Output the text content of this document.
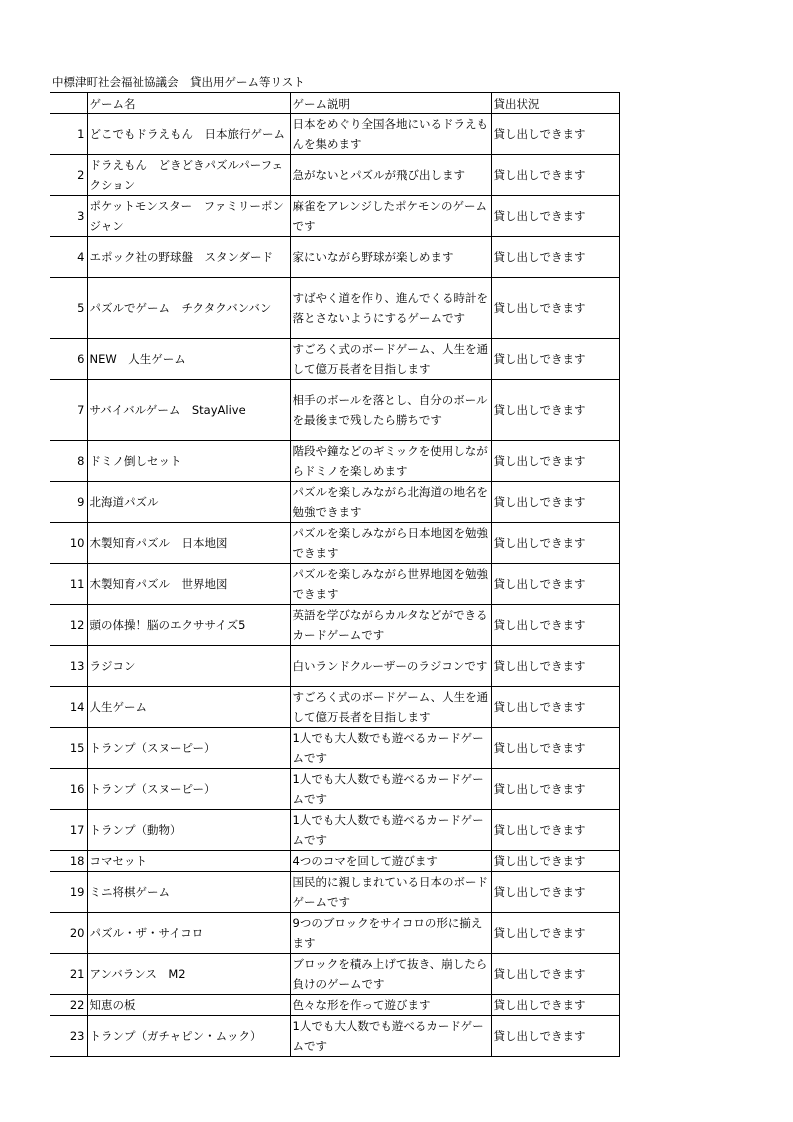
中標津町社会福祉協議会　貸出用ゲーム等リスト
	ゲーム名	ゲーム説明	貸出状況
1	どこでもドラえもん　日本旅行ゲーム	日本をめぐり全国各地にいるドラえもんを集めます	貸し出しできます
2	ドラえもん　どきどきパズルパーフェクション	急がないとパズルが飛び出します	貸し出しできます
3	ポケットモンスター　ファミリーポンジャン	麻雀をアレンジしたポケモンのゲームです	貸し出しできます
4	エポック社の野球盤　スタンダード	家にいながら野球が楽しめます	貸し出しできます
5	パズルでゲーム　チクタクバンバン	すばやく道を作り、進んでくる時計を落とさないようにするゲームです	貸し出しできます
6	NEW　人生ゲーム	すごろく式のボードゲーム、人生を通して億万長者を目指します	貸し出しできます
7	サバイバルゲーム　StayAlive	相手のボールを落とし、自分のボールを最後まで残したら勝ちです	貸し出しできます
8	ドミノ倒しセット	階段や鐘などのギミックを使用しながらドミノを楽しめます	貸し出しできます
9	北海道パズル	パズルを楽しみながら北海道の地名を勉強できます	貸し出しできます
10	木製知育パズル　日本地図	パズルを楽しみながら日本地図を勉強できます	貸し出しできます
11	木製知育パズル　世界地図	パズルを楽しみながら世界地図を勉強できます	貸し出しできます
12	頭の体操！脳のエクササイズ5	英語を学びながらカルタなどができるカードゲームです	貸し出しできます
13	ラジコン	白いランドクルーザーのラジコンです	貸し出しできます
14	人生ゲーム	すごろく式のボードゲーム、人生を通して億万長者を目指します	貸し出しできます
15	トランプ（スヌーピー）	1人でも大人数でも遊べるカードゲームです	貸し出しできます
16	トランプ（スヌーピー）	1人でも大人数でも遊べるカードゲームです	貸し出しできます
17	トランプ（動物）	1人でも大人数でも遊べるカードゲームです	貸し出しできます
18	コマセット	4つのコマを回して遊びます	貸し出しできます
19	ミニ将棋ゲーム	国民的に親しまれている日本のボードゲームです	貸し出しできます
20	パズル・ザ・サイコロ	9つのブロックをサイコロの形に揃えます	貸し出しできます
21	アンバランス　M2	ブロックを積み上げて抜き、崩したら負けのゲームです	貸し出しできます
22	知恵の板	色々な形を作って遊びます	貸し出しできます
23	トランプ（ガチャピン・ムック）	1人でも大人数でも遊べるカードゲームです	貸し出しできます
